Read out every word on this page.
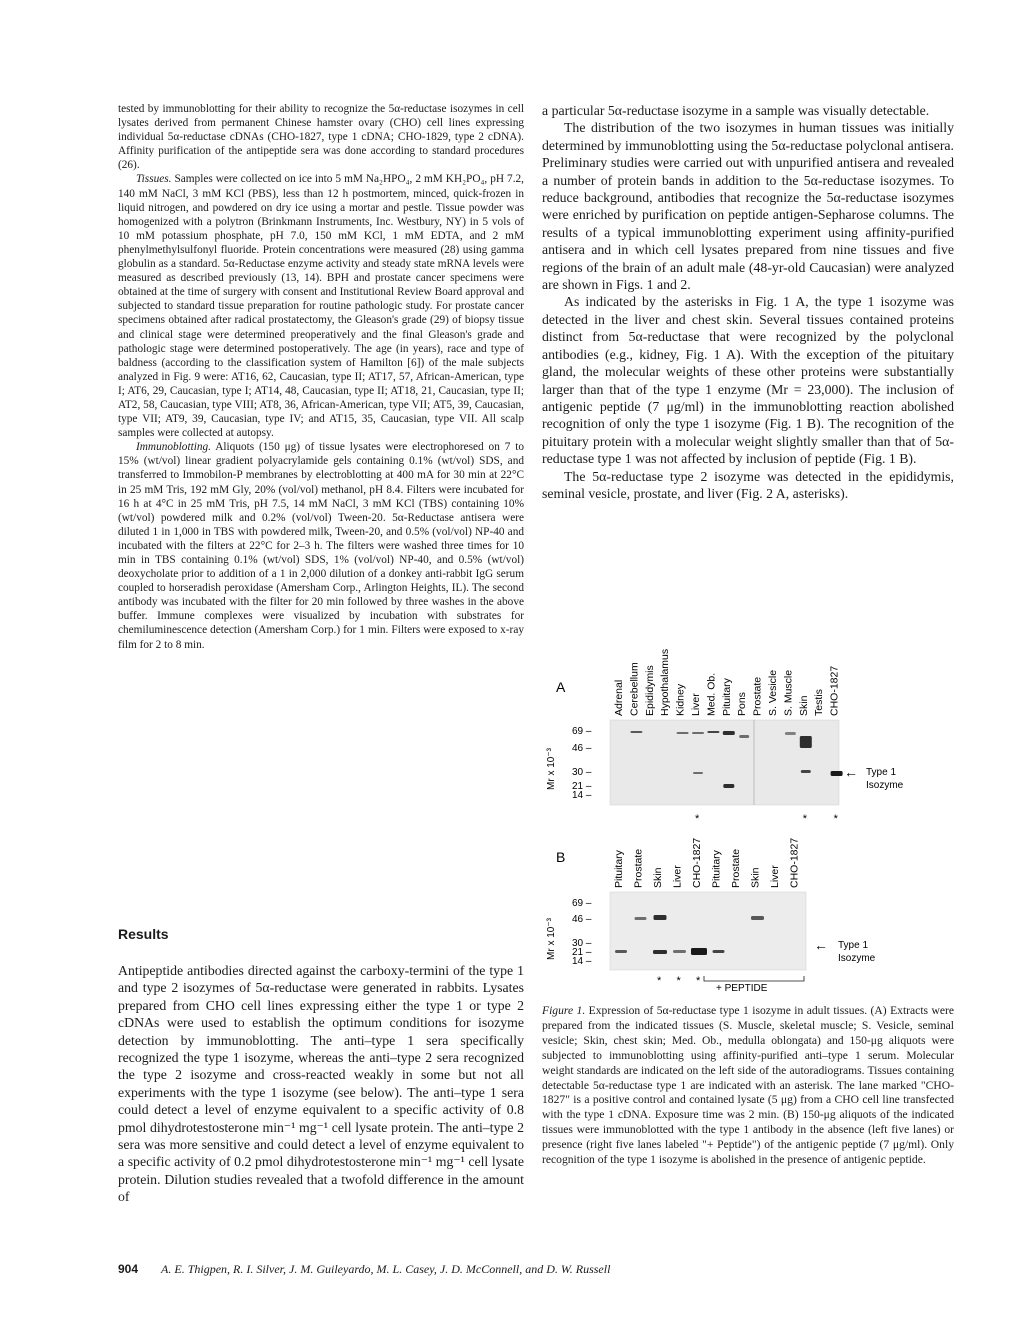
tested by immunoblotting for their ability to recognize the 5α-reductase isozymes in cell lysates derived from permanent Chinese hamster ovary (CHO) cell lines expressing individual 5α-reductase cDNAs (CHO-1827, type 1 cDNA; CHO-1829, type 2 cDNA). Affinity purification of the antipeptide sera was done according to standard procedures (26).

Tissues. Samples were collected on ice into 5 mM Na₂HPO₄, 2 mM KH₂PO₄, pH 7.2, 140 mM NaCl, 3 mM KCl (PBS), less than 12 h postmortem, minced, quick-frozen in liquid nitrogen, and powdered on dry ice using a mortar and pestle. Tissue powder was homogenized with a polytron (Brinkmann Instruments, Inc. Westbury, NY) in 5 vols of 10 mM potassium phosphate, pH 7.0, 150 mM KCl, 1 mM EDTA, and 2 mM phenylmethylsulfonyl fluoride. Protein concentrations were measured (28) using gamma globulin as a standard. 5α-Reductase enzyme activity and steady state mRNA levels were measured as described previously (13, 14). BPH and prostate cancer specimens were obtained at the time of surgery with consent and Institutional Review Board approval and subjected to standard tissue preparation for routine pathologic study. For prostate cancer specimens obtained after radical prostatectomy, the Gleason's grade (29) of biopsy tissue and clinical stage were determined preoperatively and the final Gleason's grade and pathologic stage were determined postoperatively. The age (in years), race and type of baldness (according to the classification system of Hamilton [6]) of the male subjects analyzed in Fig. 9 were: AT16, 62, Caucasian, type II; AT17, 57, African-American, type I; AT6, 29, Caucasian, type I; AT14, 48, Caucasian, type II; AT18, 21, Caucasian, type II; AT2, 58, Caucasian, type VIII; AT8, 36, African-American, type VII; AT5, 39, Caucasian, type VII; AT9, 39, Caucasian, type IV; and AT15, 35, Caucasian, type VII. All scalp samples were collected at autopsy.

Immunoblotting. Aliquots (150 μg) of tissue lysates were electrophoresed on 7 to 15% (wt/vol) linear gradient polyacrylamide gels containing 0.1% (wt/vol) SDS, and transferred to Immobilon-P membranes by electroblotting at 400 mA for 30 min at 22°C in 25 mM Tris, 192 mM Gly, 20% (vol/vol) methanol, pH 8.4. Filters were incubated for 16 h at 4°C in 25 mM Tris, pH 7.5, 14 mM NaCl, 3 mM KCl (TBS) containing 10% (wt/vol) powdered milk and 0.2% (vol/vol) Tween-20. 5α-Reductase antisera were diluted 1 in 1,000 in TBS with powdered milk, Tween-20, and 0.5% (vol/vol) NP-40 and incubated with the filters at 22°C for 2–3 h. The filters were washed three times for 10 min in TBS containing 0.1% (wt/vol) SDS, 1% (vol/vol) NP-40, and 0.5% (wt/vol) deoxycholate prior to addition of a 1 in 2,000 dilution of a donkey anti-rabbit IgG serum coupled to horseradish peroxidase (Amersham Corp., Arlington Heights, IL). The second antibody was incubated with the filter for 20 min followed by three washes in the above buffer. Immune complexes were visualized by incubation with substrates for chemiluminescence detection (Amersham Corp.) for 1 min. Filters were exposed to x-ray film for 2 to 8 min.

Results

Antipeptide antibodies directed against the carboxy-termini of the type 1 and type 2 isozymes of 5α-reductase were generated in rabbits. Lysates prepared from CHO cell lines expressing either the type 1 or type 2 cDNAs were used to establish the optimum conditions for isozyme detection by immunoblotting. The anti–type 1 sera specifically recognized the type 1 isozyme, whereas the anti–type 2 sera recognized the type 2 isozyme and cross-reacted weakly in some but not all experiments with the type 1 isozyme (see below). The anti–type 1 sera could detect a level of enzyme equivalent to a specific activity of 0.8 pmol dihydrotestosterone min⁻¹ mg⁻¹ cell lysate protein. The anti–type 2 sera was more sensitive and could detect a level of enzyme equivalent to a specific activity of 0.2 pmol dihydrotestosterone min⁻¹ mg⁻¹ cell lysate protein. Dilution studies revealed that a twofold difference in the amount of

a particular 5α-reductase isozyme in a sample was visually detectable.

The distribution of the two isozymes in human tissues was initially determined by immunoblotting using the 5α-reductase polyclonal antisera. Preliminary studies were carried out with unpurified antisera and revealed a number of protein bands in addition to the 5α-reductase isozymes. To reduce background, antibodies that recognize the 5α-reductase isozymes were enriched by purification on peptide antigen-Sepharose columns. The results of a typical immunoblotting experiment using affinity-purified antisera and in which cell lysates prepared from nine tissues and five regions of the brain of an adult male (48-yr-old Caucasian) were analyzed are shown in Figs. 1 and 2.

As indicated by the asterisks in Fig. 1 A, the type 1 isozyme was detected in the liver and chest skin. Several tissues contained proteins distinct from 5α-reductase that were recognized by the polyclonal antibodies (e.g., kidney, Fig. 1 A). With the exception of the pituitary gland, the molecular weights of these other proteins were substantially larger than that of the type 1 enzyme (Mr = 23,000). The inclusion of antigenic peptide (7 μg/ml) in the immunoblotting reaction abolished recognition of only the type 1 isozyme (Fig. 1 B). The recognition of the pituitary protein with a molecular weight slightly smaller than that of 5α-reductase type 1 was not affected by inclusion of peptide (Fig. 1 B).

The 5α-reductase type 2 isozyme was detected in the epididymis, seminal vesicle, prostate, and liver (Fig. 2 A, asterisks).

A	Adrenal Cerebellum Epididymis Hypothalamus Kidney Liver Med. Ob. Pituitary Pons Prostate S. Vesicle S. Muscle Skin Testis CHO-1827
69 –
46 –
30 –
21 –
14 –
Mr x 10⁻³	← Type 1
Isozyme
*	* *
B	Pituitary Prostate Skin Liver CHO-1827 Pituitary Prostate Skin Liver CHO-1827
69 –
46 –
30 –
21 –
14 –
Mr x 10⁻³	← Type 1
Isozyme
* * *
+ PEPTIDE

Figure 1. Expression of 5α-reductase type 1 isozyme in adult tissues. (A) Extracts were prepared from the indicated tissues (S. Muscle, skeletal muscle; S. Vesicle, seminal vesicle; Skin, chest skin; Med. Ob., medulla oblongata) and 150-μg aliquots were subjected to immunoblotting using affinity-purified anti–type 1 serum. Molecular weight standards are indicated on the left side of the autoradiograms. Tissues containing detectable 5α-reductase type 1 are indicated with an asterisk. The lane marked "CHO-1827" is a positive control and contained lysate (5 μg) from a CHO cell line transfected with the type 1 cDNA. Exposure time was 2 min. (B) 150-μg aliquots of the indicated tissues were immunoblotted with the type 1 antibody in the absence (left five lanes) or presence (right five lanes labeled "+ Peptide") of the antigenic peptide (7 μg/ml). Only recognition of the type 1 isozyme is abolished in the presence of antigenic peptide.

904 A. E. Thigpen, R. I. Silver, J. M. Guileyardo, M. L. Casey, J. D. McConnell, and D. W. Russell
